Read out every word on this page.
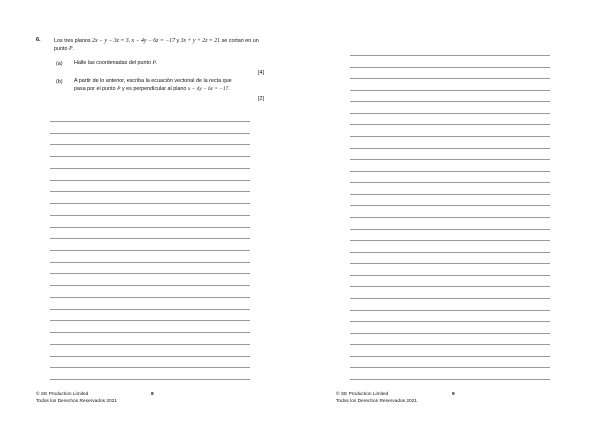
6. Los tres planos 2x − y − 3z = 3, x − 4y − 6z = −17 y 3x + y + 2z = 21 se cortan en un punto P.
(a) Halle las coordenadas del punto P.
[4]
(b) A partir de lo anterior, escriba la ecuación vectorial de la recta que
pasa por el punto P y es perpendicular al plano x − 4y − 6z = −17.
[2]
© SE Production Limited
Todos los Derechos Reservados 2021
8	© SE Production Limited
Todos los Derechos Reservados 2021
9
